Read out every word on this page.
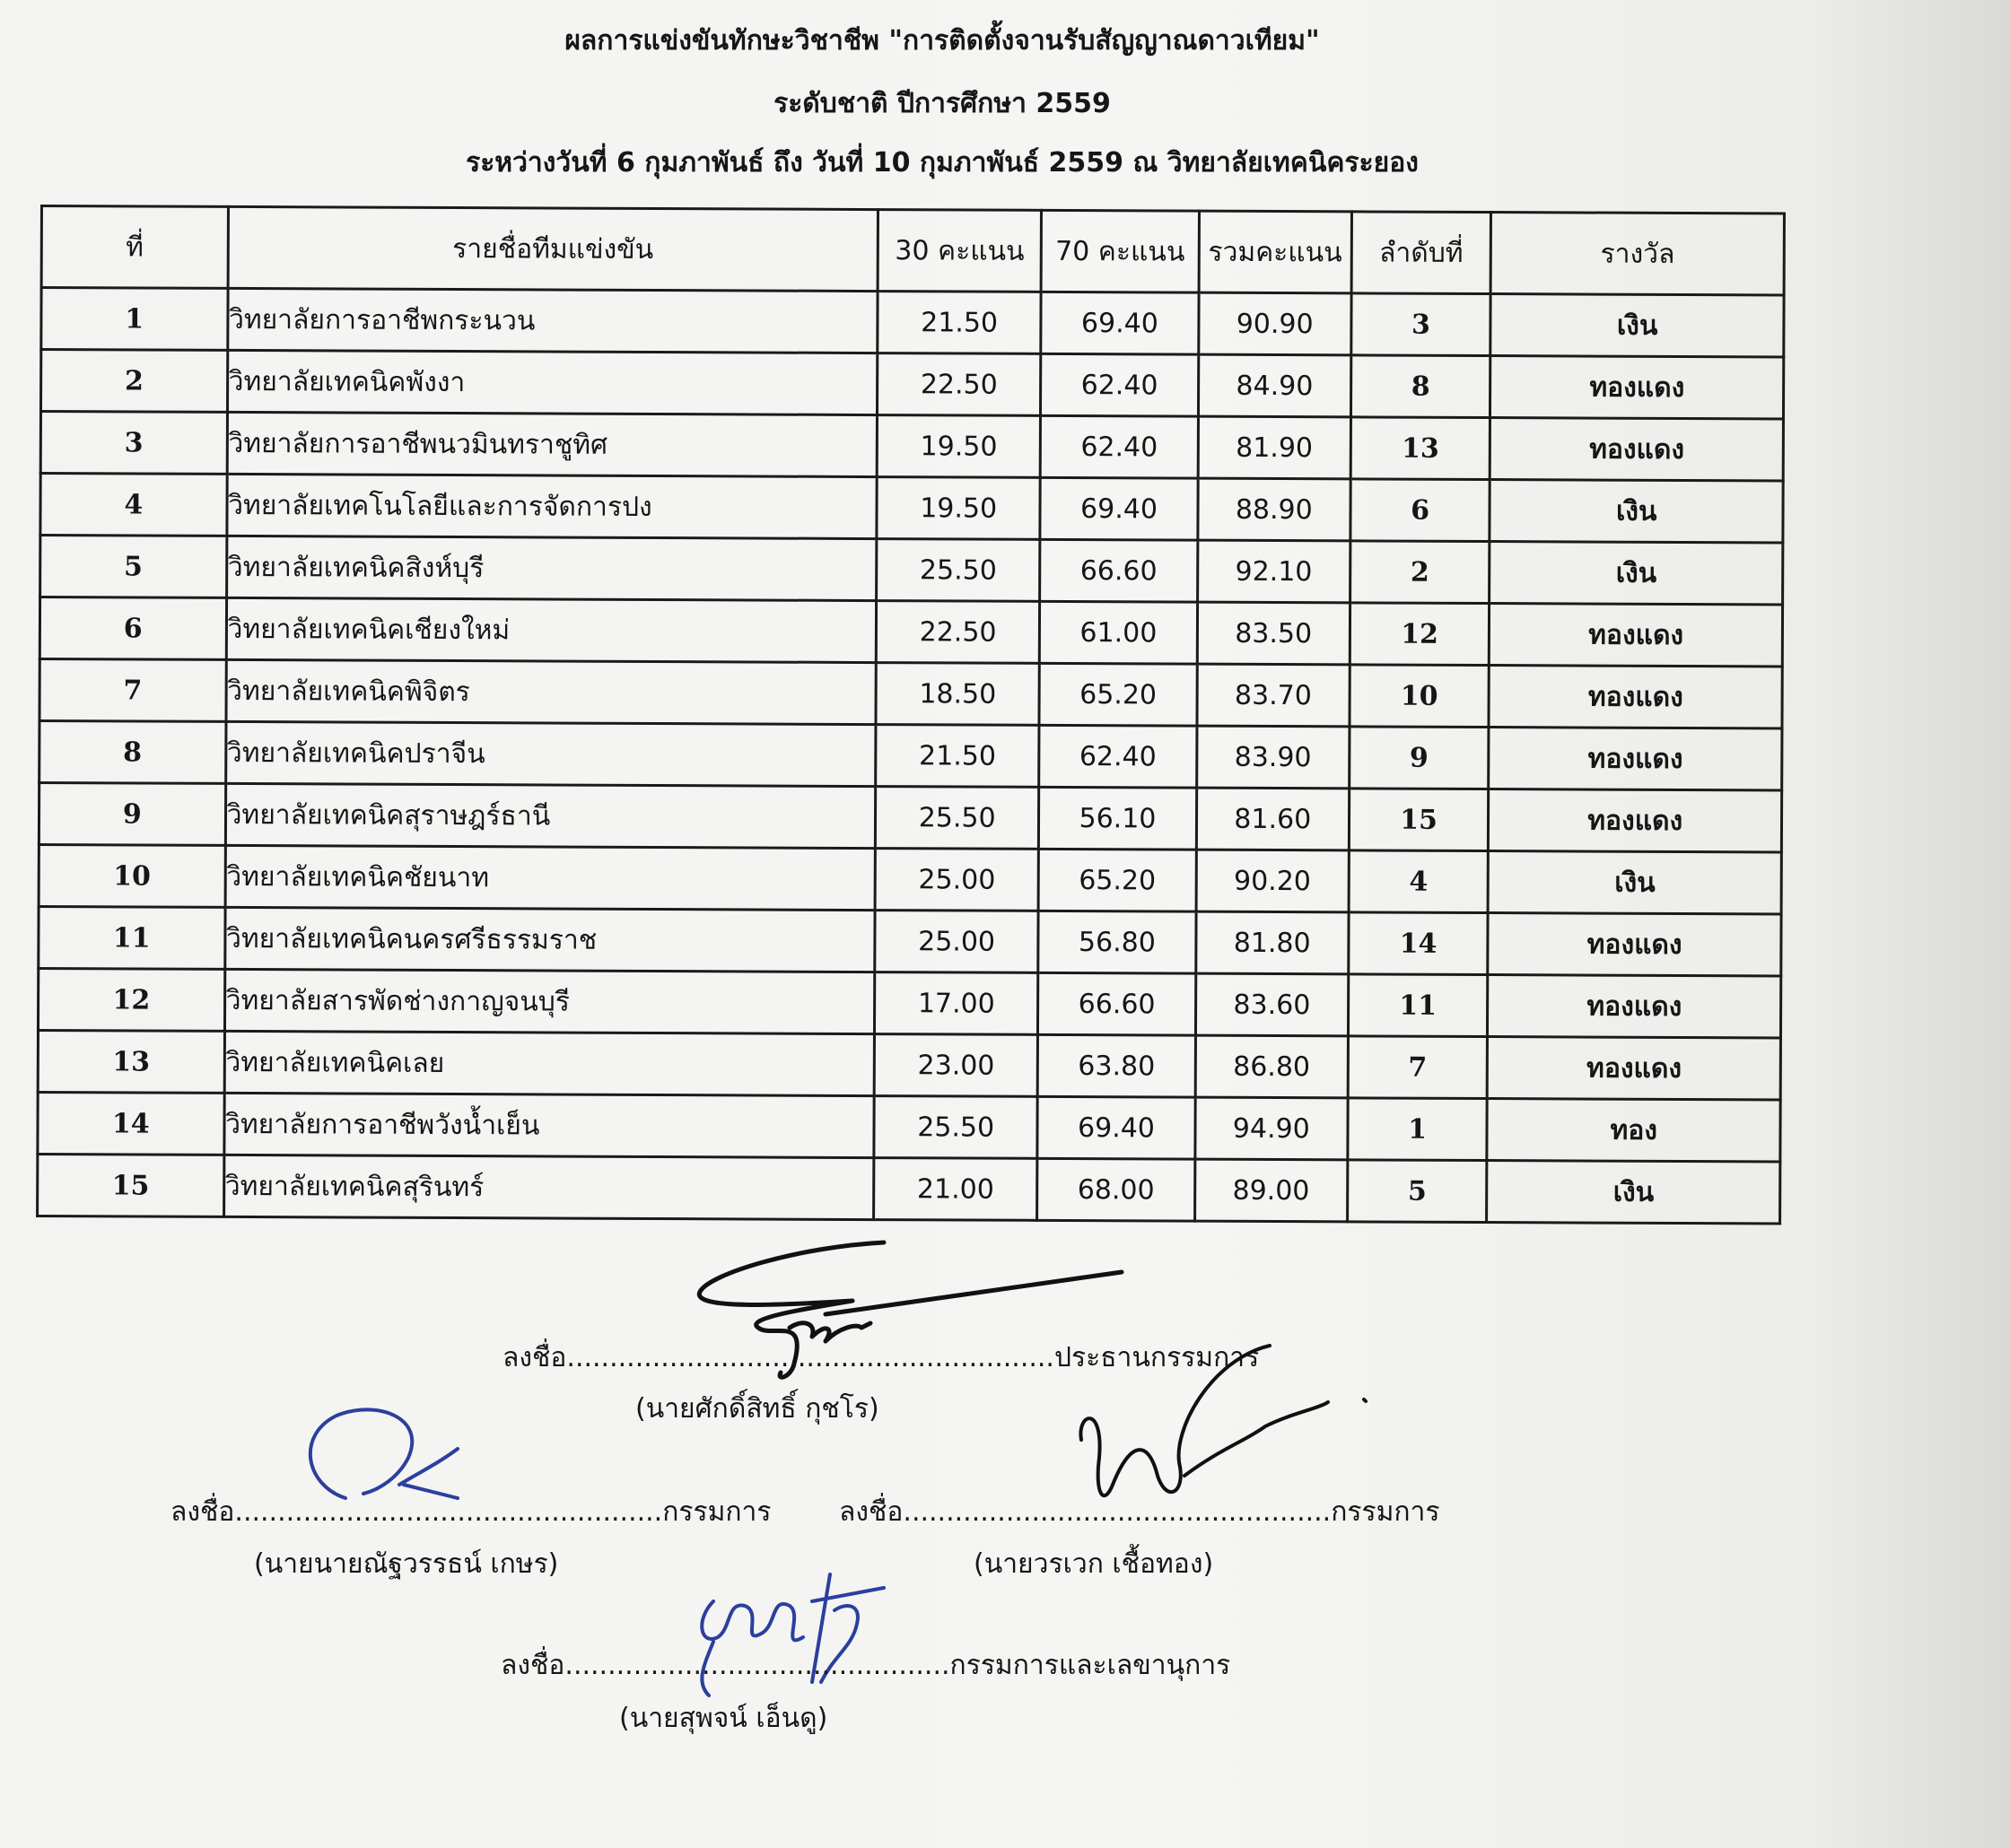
ผลการแข่งขันทักษะวิชาชีพ "การติดตั้งจานรับสัญญาณดาวเทียม"
ระดับชาติ ปีการศึกษา 2559
ระหว่างวันที่ 6 กุมภาพันธ์ ถึง วันที่ 10 กุมภาพันธ์ 2559 ณ วิทยาลัยเทคนิคระยอง
ที่	รายชื่อทีมแข่งขัน	30 คะแนน	70 คะแนน	รวมคะแนน	ลำดับที่	รางวัล
1	วิทยาลัยการอาชีพกระนวน	21.50	69.40	90.90	3	เงิน
2	วิทยาลัยเทคนิคพังงา	22.50	62.40	84.90	8	ทองแดง
3	วิทยาลัยการอาชีพนวมินทราชูทิศ	19.50	62.40	81.90	13	ทองแดง
4	วิทยาลัยเทคโนโลยีและการจัดการปง	19.50	69.40	88.90	6	เงิน
5	วิทยาลัยเทคนิคสิงห์บุรี	25.50	66.60	92.10	2	เงิน
6	วิทยาลัยเทคนิคเชียงใหม่	22.50	61.00	83.50	12	ทองแดง
7	วิทยาลัยเทคนิคพิจิตร	18.50	65.20	83.70	10	ทองแดง
8	วิทยาลัยเทคนิคปราจีน	21.50	62.40	83.90	9	ทองแดง
9	วิทยาลัยเทคนิคสุราษฎร์ธานี	25.50	56.10	81.60	15	ทองแดง
10	วิทยาลัยเทคนิคชัยนาท	25.00	65.20	90.20	4	เงิน
11	วิทยาลัยเทคนิคนครศรีธรรมราช	25.00	56.80	81.80	14	ทองแดง
12	วิทยาลัยสารพัดช่างกาญจนบุรี	17.00	66.60	83.60	11	ทองแดง
13	วิทยาลัยเทคนิคเลย	23.00	63.80	86.80	7	ทองแดง
14	วิทยาลัยการอาชีพวังน้ำเย็น	25.50	69.40	94.90	1	ทอง
15	วิทยาลัยเทคนิคสุรินทร์	21.00	68.00	89.00	5	เงิน
ลงชื่อ.........................................................ประธานกรรมการ
(นายศักดิ์สิทธิ์ กุชโร)
ลงชื่อ..................................................กรรมการ
(นายนายณัฐวรรธน์ เกษร)
ลงชื่อ..................................................กรรมการ
(นายวรเวก เชื้อทอง)
ลงชื่อ.............................................กรรมการและเลขานุการ
(นายสุพจน์ เอ็นดู)
